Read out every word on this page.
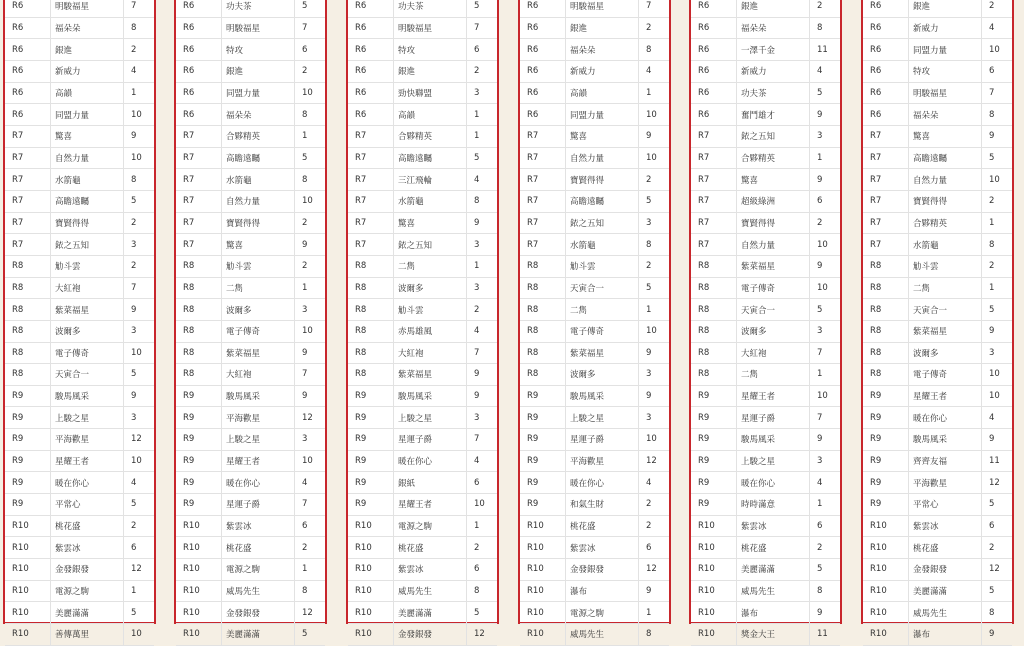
R6	明駿福星	7
R6	福朵朵	8
R6	銀進	2
R6	新威力	4
R6	高韻	1
R6	同盟力量	10
R7	驚喜	9
R7	自然力量	10
R7	水箭龜	8
R7	高瞻遠矚	5
R7	寶賢得得	2
R7	銥之五知	3
R8	觔斗雲	2
R8	大紅袍	7
R8	紫菜福星	9
R8	波爾多	3
R8	電子傳奇	10
R8	天寅合一	5
R9	駿馬風采	9
R9	上駿之星	3
R9	平海歡星	12
R9	星耀王者	10
R9	暖在你心	4
R9	平常心	5
R10	桃花盛	2
R10	紫雲冰	6
R10	金發銀發	12
R10	電源之駒	1
R10	美麗滿滿	5
R10	善傳萬里	10
R6	功夫茶	5
R6	明駿福星	7
R6	特攻	6
R6	銀進	2
R6	同盟力量	10
R6	福朵朵	8
R7	合夥精英	1
R7	高瞻遠矚	5
R7	水箭龜	8
R7	自然力量	10
R7	寶賢得得	2
R7	驚喜	9
R8	觔斗雲	2
R8	二雋	1
R8	波爾多	3
R8	電子傳奇	10
R8	紫菜福星	9
R8	大紅袍	7
R9	駿馬風采	9
R9	平海歡星	12
R9	上駿之星	3
R9	星耀王者	10
R9	暖在你心	4
R9	星運子爵	7
R10	紫雲冰	6
R10	桃花盛	2
R10	電源之駒	1
R10	威馬先生	8
R10	金發銀發	12
R10	美麗滿滿	5
R6	功夫茶	5
R6	明駿福星	7
R6	特攻	6
R6	銀進	2
R6	勁快聯盟	3
R6	高韻	1
R7	合夥精英	1
R7	高瞻遠矚	5
R7	三江飛輪	4
R7	水箭龜	8
R7	驚喜	9
R7	銥之五知	3
R8	二雋	1
R8	波爾多	3
R8	觔斗雲	2
R8	赤馬雄風	4
R8	大紅袍	7
R8	紫菜福星	9
R9	駿馬風采	9
R9	上駿之星	3
R9	星運子爵	7
R9	暖在你心	4
R9	銀紙	6
R9	星耀王者	10
R10	電源之駒	1
R10	桃花盛	2
R10	紫雲冰	6
R10	威馬先生	8
R10	美麗滿滿	5
R10	金發銀發	12
R6	明駿福星	7
R6	銀進	2
R6	福朵朵	8
R6	新威力	4
R6	高韻	1
R6	同盟力量	10
R7	驚喜	9
R7	自然力量	10
R7	寶賢得得	2
R7	高瞻遠矚	5
R7	銥之五知	3
R7	水箭龜	8
R8	觔斗雲	2
R8	天寅合一	5
R8	二雋	1
R8	電子傳奇	10
R8	紫菜福星	9
R8	波爾多	3
R9	駿馬風采	9
R9	上駿之星	3
R9	星運子爵	10
R9	平海歡星	12
R9	暖在你心	4
R9	和氣生財	2
R10	桃花盛	2
R10	紫雲冰	6
R10	金發銀發	12
R10	瀑布	9
R10	電源之駒	1
R10	威馬先生	8
R6	銀進	2
R6	福朵朵	8
R6	一澤千金	11
R6	新威力	4
R6	功夫茶	5
R6	奮鬥雄才	9
R7	銥之五知	3
R7	合夥精英	1
R7	驚喜	9
R7	超級綠洲	6
R7	寶賢得得	2
R7	自然力量	10
R8	紫菜福星	9
R8	電子傳奇	10
R8	天寅合一	5
R8	波爾多	3
R8	大紅袍	7
R8	二雋	1
R9	星耀王者	10
R9	星運子爵	7
R9	駿馬風采	9
R9	上駿之星	3
R9	暖在你心	4
R9	時時滿意	1
R10	紫雲冰	6
R10	桃花盛	2
R10	美麗滿滿	5
R10	威馬先生	8
R10	瀑布	9
R10	獎金大王	11
R6	銀進	2
R6	新威力	4
R6	同盟力量	10
R6	特攻	6
R6	明駿福星	7
R6	福朵朵	8
R7	驚喜	9
R7	高瞻遠矚	5
R7	自然力量	10
R7	寶賢得得	2
R7	合夥精英	1
R7	水箭龜	8
R8	觔斗雲	2
R8	二雋	1
R8	天寅合一	5
R8	紫菜福星	9
R8	波爾多	3
R8	電子傳奇	10
R9	星耀王者	10
R9	暖在你心	4
R9	駿馬風采	9
R9	齊齊友福	11
R9	平海歡星	12
R9	平常心	5
R10	紫雲冰	6
R10	桃花盛	2
R10	金發銀發	12
R10	美麗滿滿	5
R10	威馬先生	8
R10	瀑布	9
